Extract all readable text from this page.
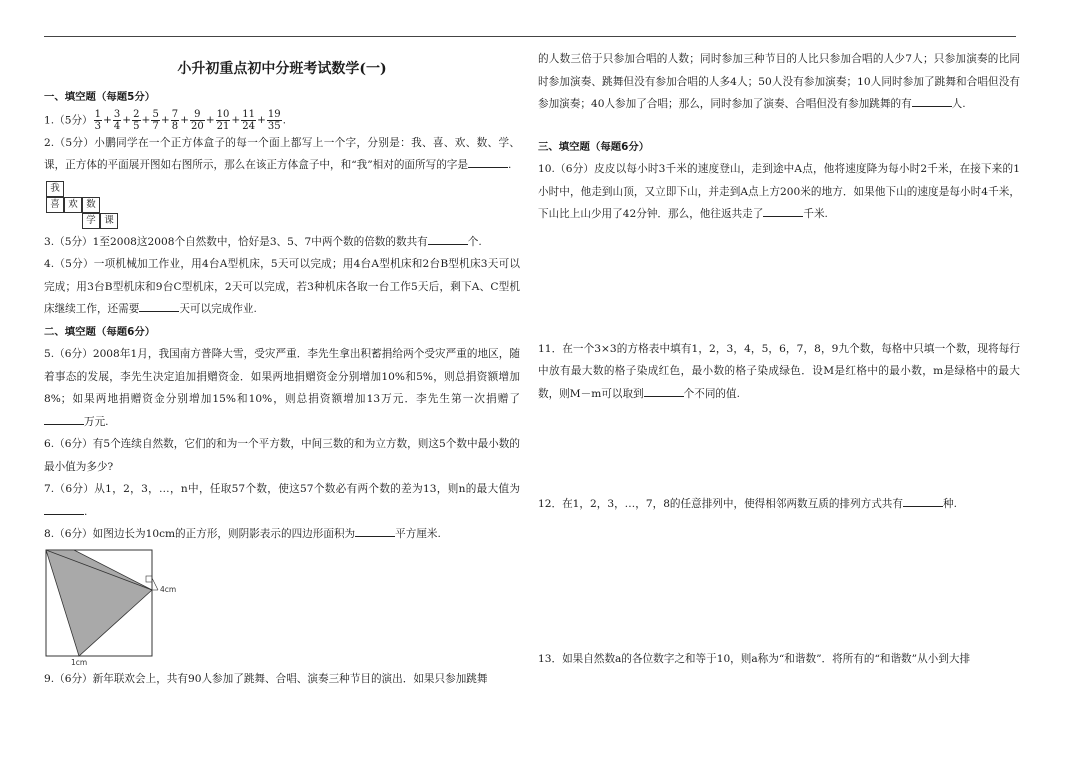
小升初重点初中分班考试数学(一)
一、填空题（每题5分）

1.（5分） $\frac{1}{3} + \frac{3}{4} + \frac{2}{5} + \frac{5}{7} + \frac{7}{8} + \frac{9}{20} + \frac{10}{21} + \frac{11}{24} + \frac{19}{35}$ .

2.（5分）小鹏同学在一个正方体盒子的每一个面上都写上一个字，分别是：我、喜、欢、数、学、课，正方体的平面展开图如右图所示，那么在该正方体盒子中，和“我”相对的面所写的字是	.

我
喜 欢 数
学 课

3.（5分）1至2008这2008个自然数中，恰好是3、5、7中两个数的倍数的数共有	个.

4.（5分）一项机械加工作业，用4台A型机床，5天可以完成；用4台A型机床和2台B型机床3天可以完成；用3台B型机床和9台C型机床，2天可以完成，若3种机床各取一台工作5天后，剩下A、C型机床继续工作，还需要	天可以完成作业.

二、填空题（每题6分）

5.（6分）2008年1月，我国南方普降大雪，受灾严重．李先生拿出积蓄捐给两个受灾严重的地区，随着事态的发展，李先生决定追加捐赠资金．如果两地捐赠资金分别增加10%和5%，则总捐资额增加8%；如果两地捐赠资金分别增加15%和10%，则总捐资额增加13万元．李先生第一次捐赠了万元.

6.（6分）有5个连续自然数，它们的和为一个平方数，中间三数的和为立方数，则这5个数中最小数的最小值为多少?

7.（6分）从1，2，3，…，n中，任取57个数，使这57个数必有两个数的差为13，则n的最大值为.

8.（6分）如图边长为10cm的正方形，则阴影表示的四边形面积为	平方厘米.

4cm
1cm

9.（6分）新年联欢会上，共有90人参加了跳舞、合唱、演奏三种节目的演出．如果只参加跳舞

的人数三倍于只参加合唱的人数；同时参加三种节目的人比只参加合唱的人少7人；只参加演奏的比同时参加演奏、跳舞但没有参加合唱的人多4人；50人没有参加演奏；10人同时参加了跳舞和合唱但没有参加演奏；40人参加了合唱；那么，同时参加了演奏、合唱但没有参加跳舞的有	人.

三、填空题（每题6分）

10.（6分）皮皮以每小时3千米的速度登山，走到途中A点，他将速度降为每小时2千米，在接下来的1小时中，他走到山顶，又立即下山，并走到A点上方200米的地方．如果他下山的速度是每小时4千米，下山比上山少用了42分钟．那么，他往返共走了	千米.

11．在一个3×3的方格表中填有1，2，3，4，5，6，7，8，9九个数，每格中只填一个数，现将每行中放有最大数的格子染成红色，最小数的格子染成绿色．设M是红格中的最小数，m是绿格中的最大数，则M－m可以取到	个不同的值.

12．在1，2，3，…，7，8的任意排列中，使得相邻两数互质的排列方式共有	种.

13．如果自然数a的各位数字之和等于10，则a称为“和谐数”．将所有的“和谐数”从小到大排
